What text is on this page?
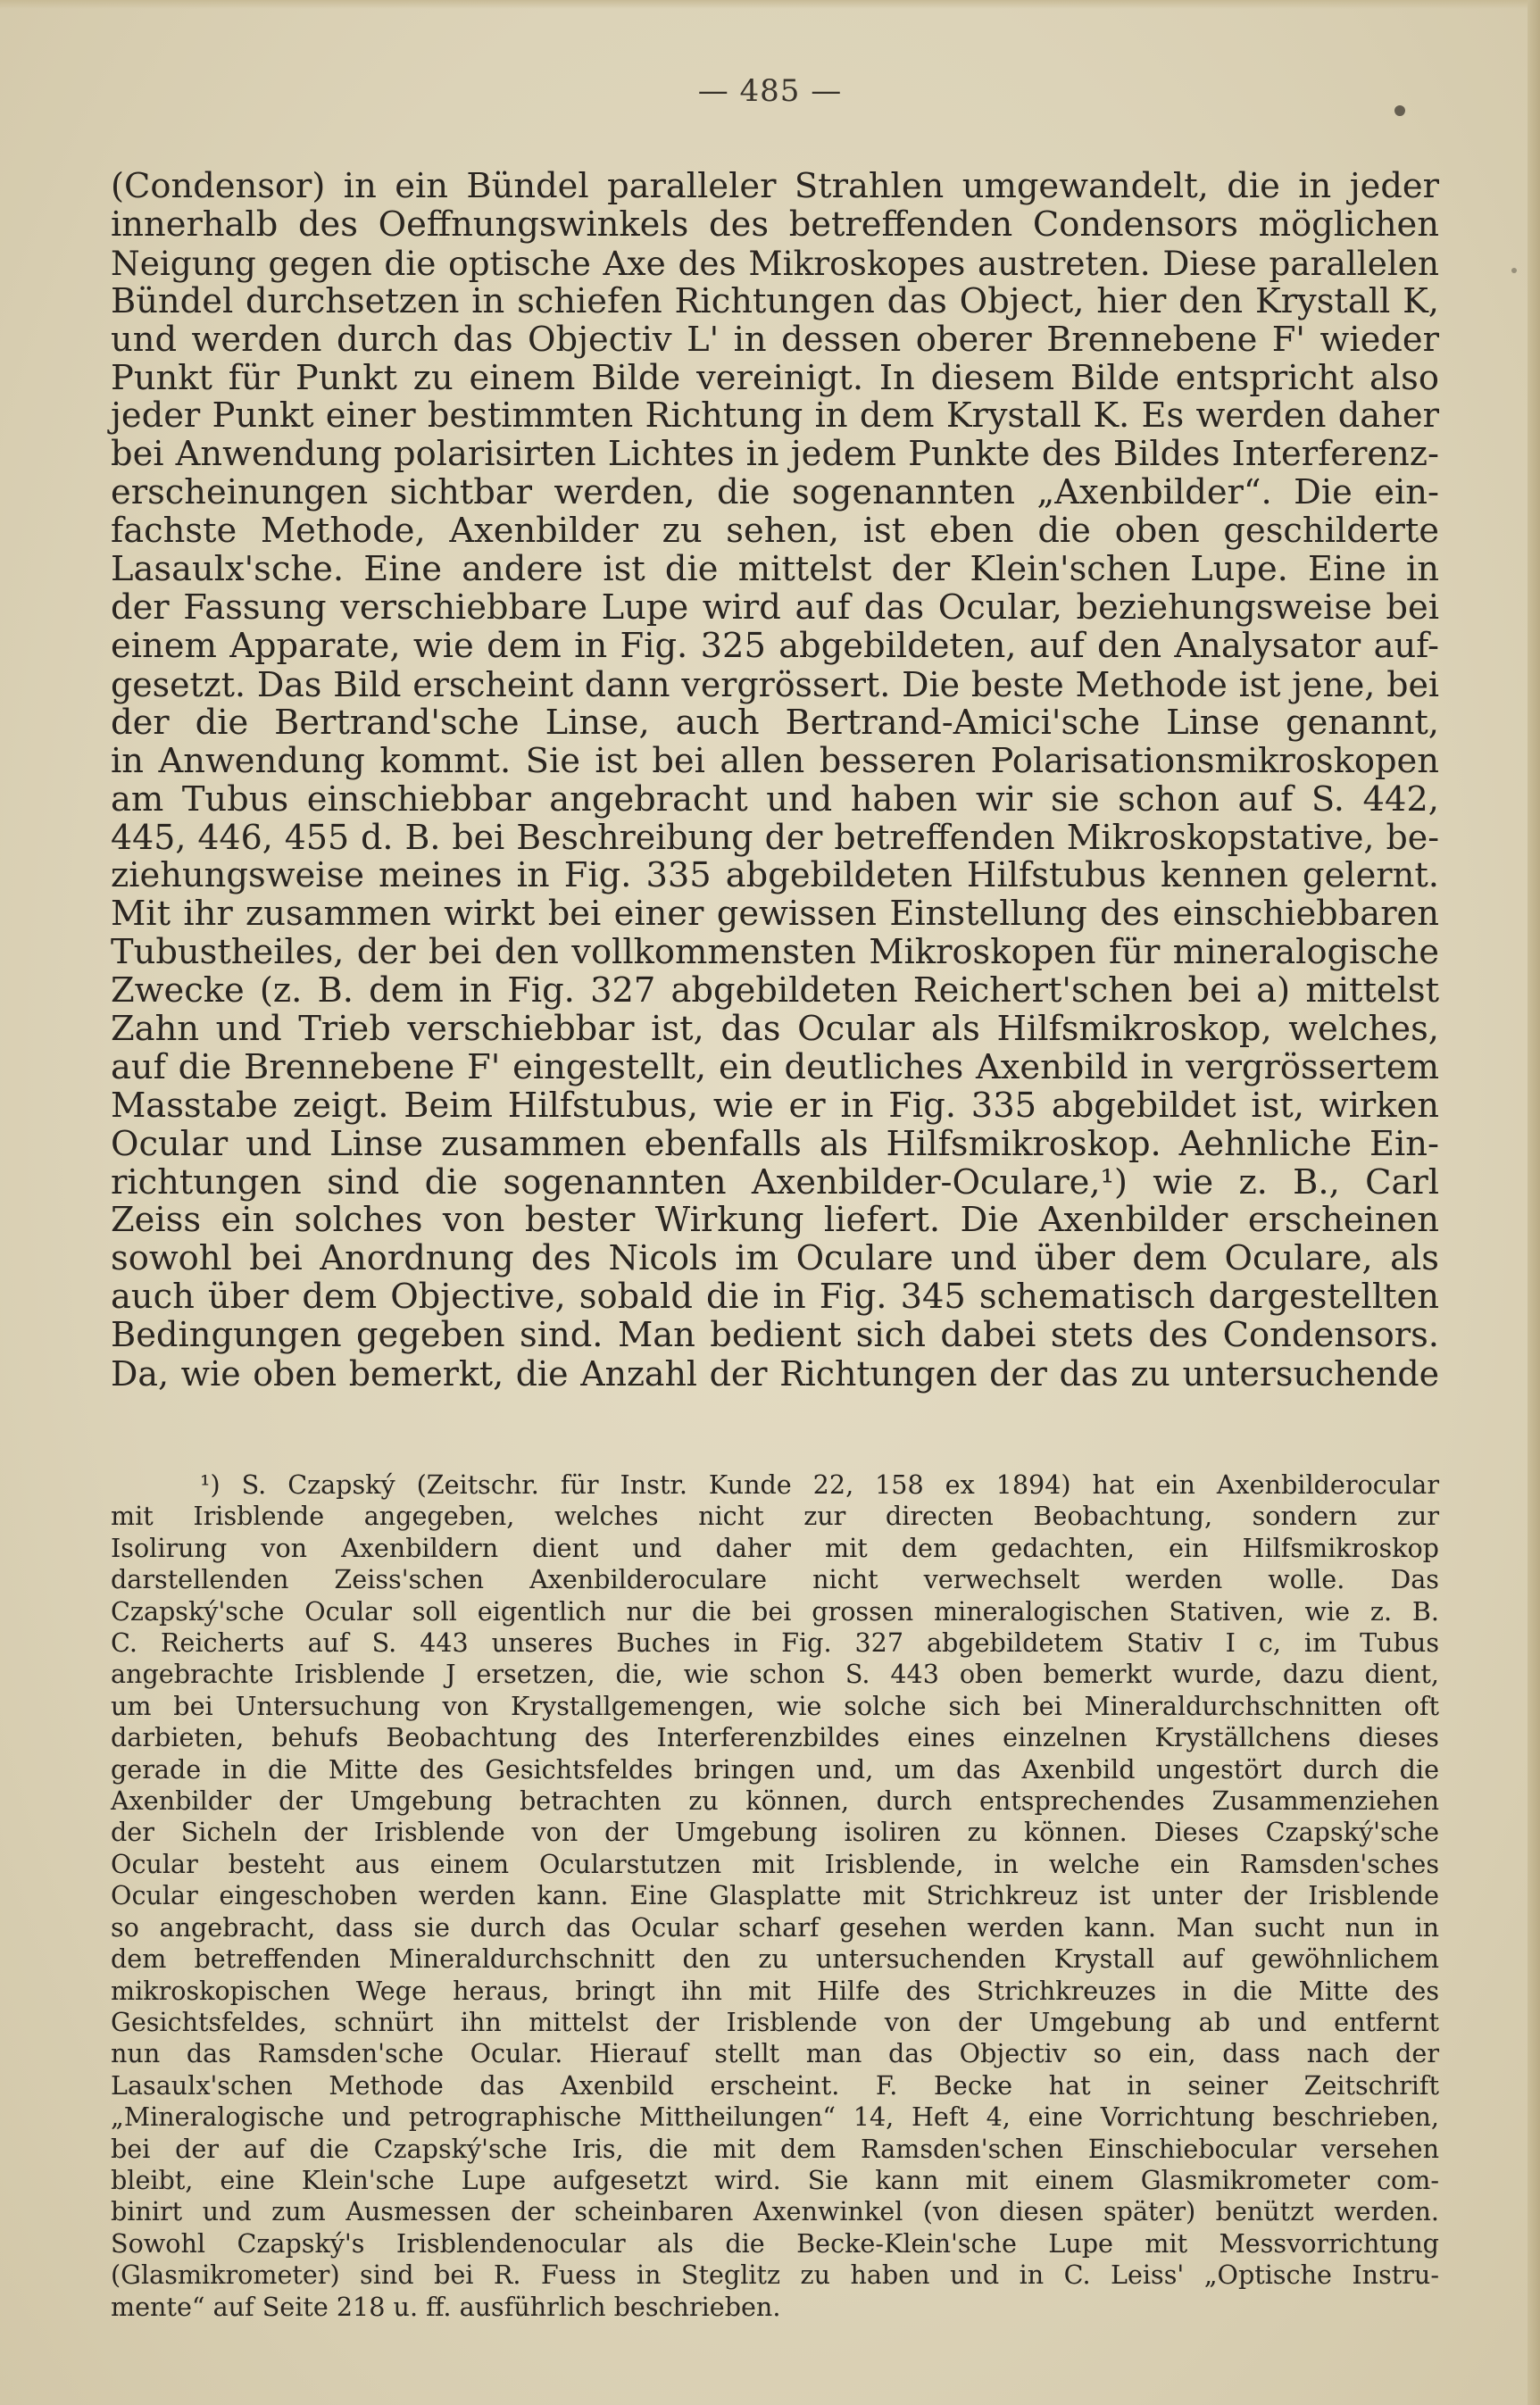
— 485 —
(Condensor) in ein Bündel paralleler Strahlen umgewandelt, die in jeder
innerhalb des Oeffnungswinkels des betreffenden Condensors möglichen
Neigung gegen die optische Axe des Mikroskopes austreten. Diese parallelen
Bündel durchsetzen in schiefen Richtungen das Object, hier den Krystall K,
und werden durch das Objectiv L' in dessen oberer Brennebene F' wieder
Punkt für Punkt zu einem Bilde vereinigt. In diesem Bilde entspricht also
jeder Punkt einer bestimmten Richtung in dem Krystall K. Es werden daher
bei Anwendung polarisirten Lichtes in jedem Punkte des Bildes Interferenz-
erscheinungen sichtbar werden, die sogenannten „Axenbilder“. Die ein-
fachste Methode, Axenbilder zu sehen, ist eben die oben geschilderte
Lasaulx'sche. Eine andere ist die mittelst der Klein'schen Lupe. Eine in
der Fassung verschiebbare Lupe wird auf das Ocular, beziehungsweise bei
einem Apparate, wie dem in Fig. 325 abgebildeten, auf den Analysator auf-
gesetzt. Das Bild erscheint dann vergrössert. Die beste Methode ist jene, bei
der die Bertrand'sche Linse, auch Bertrand-Amici'sche Linse genannt,
in Anwendung kommt. Sie ist bei allen besseren Polarisationsmikroskopen
am Tubus einschiebbar angebracht und haben wir sie schon auf S. 442,
445, 446, 455 d. B. bei Beschreibung der betreffenden Mikroskopstative, be-
ziehungsweise meines in Fig. 335 abgebildeten Hilfstubus kennen gelernt.
Mit ihr zusammen wirkt bei einer gewissen Einstellung des einschiebbaren
Tubustheiles, der bei den vollkommensten Mikroskopen für mineralogische
Zwecke (z. B. dem in Fig. 327 abgebildeten Reichert'schen bei a) mittelst
Zahn und Trieb verschiebbar ist, das Ocular als Hilfsmikroskop, welches,
auf die Brennebene F' eingestellt, ein deutliches Axenbild in vergrössertem
Masstabe zeigt. Beim Hilfstubus, wie er in Fig. 335 abgebildet ist, wirken
Ocular und Linse zusammen ebenfalls als Hilfsmikroskop. Aehnliche Ein-
richtungen sind die sogenannten Axenbilder-Oculare,¹) wie z. B., Carl
Zeiss ein solches von bester Wirkung liefert. Die Axenbilder erscheinen
sowohl bei Anordnung des Nicols im Oculare und über dem Oculare, als
auch über dem Objective, sobald die in Fig. 345 schematisch dargestellten
Bedingungen gegeben sind. Man bedient sich dabei stets des Condensors.
Da, wie oben bemerkt, die Anzahl der Richtungen der das zu untersuchende
¹) S. Czapský (Zeitschr. für Instr. Kunde 22, 158 ex 1894) hat ein Axenbilderocular
mit Irisblende angegeben, welches nicht zur directen Beobachtung, sondern zur
Isolirung von Axenbildern dient und daher mit dem gedachten, ein Hilfsmikroskop
darstellenden Zeiss'schen Axenbilderoculare nicht verwechselt werden wolle. Das
Czapský'sche Ocular soll eigentlich nur die bei grossen mineralogischen Stativen, wie z. B.
C. Reicherts auf S. 443 unseres Buches in Fig. 327 abgebildetem Stativ I c, im Tubus
angebrachte Irisblende J ersetzen, die, wie schon S. 443 oben bemerkt wurde, dazu dient,
um bei Untersuchung von Krystallgemengen, wie solche sich bei Mineraldurchschnitten oft
darbieten, behufs Beobachtung des Interferenzbildes eines einzelnen Kryställchens dieses
gerade in die Mitte des Gesichtsfeldes bringen und, um das Axenbild ungestört durch die
Axenbilder der Umgebung betrachten zu können, durch entsprechendes Zusammenziehen
der Sicheln der Irisblende von der Umgebung isoliren zu können. Dieses Czapský'sche
Ocular besteht aus einem Ocularstutzen mit Irisblende, in welche ein Ramsden'sches
Ocular eingeschoben werden kann. Eine Glasplatte mit Strichkreuz ist unter der Irisblende
so angebracht, dass sie durch das Ocular scharf gesehen werden kann. Man sucht nun in
dem betreffenden Mineraldurchschnitt den zu untersuchenden Krystall auf gewöhnlichem
mikroskopischen Wege heraus, bringt ihn mit Hilfe des Strichkreuzes in die Mitte des
Gesichtsfeldes, schnürt ihn mittelst der Irisblende von der Umgebung ab und entfernt
nun das Ramsden'sche Ocular. Hierauf stellt man das Objectiv so ein, dass nach der
Lasaulx'schen Methode das Axenbild erscheint. F. Becke hat in seiner Zeitschrift
„Mineralogische und petrographische Mittheilungen“ 14, Heft 4, eine Vorrichtung beschrieben,
bei der auf die Czapský'sche Iris, die mit dem Ramsden'schen Einschiebocular versehen
bleibt, eine Klein'sche Lupe aufgesetzt wird. Sie kann mit einem Glasmikrometer com-
binirt und zum Ausmessen der scheinbaren Axenwinkel (von diesen später) benützt werden.
Sowohl Czapský's Irisblendenocular als die Becke-Klein'sche Lupe mit Messvorrichtung
(Glasmikrometer) sind bei R. Fuess in Steglitz zu haben und in C. Leiss' „Optische Instru-
mente“ auf Seite 218 u. ff. ausführlich beschrieben.
